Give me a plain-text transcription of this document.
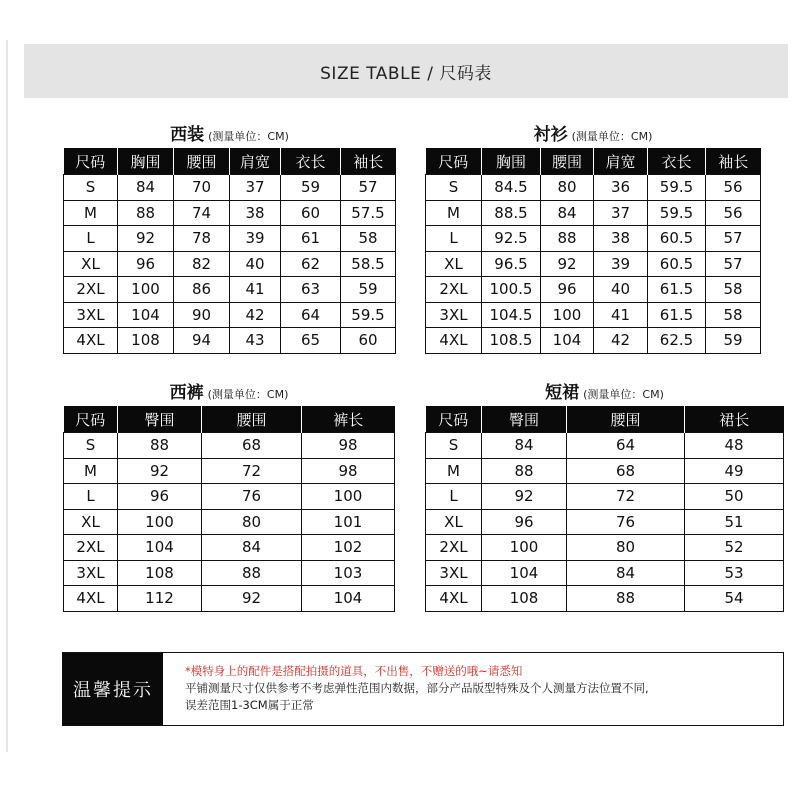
SIZE TABLE / 尺码表
西装 (测量单位：CM)
尺码	胸围	腰围	肩宽	衣长	袖长
S	84	70	37	59	57
M	88	74	38	60	57.5
L	92	78	39	61	58
XL	96	82	40	62	58.5
2XL	100	86	41	63	59
3XL	104	90	42	64	59.5
4XL	108	94	43	65	60
衬衫 (测量单位：CM)
尺码	胸围	腰围	肩宽	衣长	袖长
S	84.5	80	36	59.5	56
M	88.5	84	37	59.5	56
L	92.5	88	38	60.5	57
XL	96.5	92	39	60.5	57
2XL	100.5	96	40	61.5	58
3XL	104.5	100	41	61.5	58
4XL	108.5	104	42	62.5	59
西裤 (测量单位：CM)
尺码	臀围	腰围	裤长
S	88	68	98
M	92	72	98
L	96	76	100
XL	100	80	101
2XL	104	84	102
3XL	108	88	103
4XL	112	92	104
短裙 (测量单位：CM)
尺码	臀围	腰围	裙长
S	84	64	48
M	88	68	49
L	92	72	50
XL	96	76	51
2XL	100	80	52
3XL	104	84	53
4XL	108	88	54
温馨提示
*模特身上的配件是搭配拍摄的道具，不出售，不赠送的哦~请悉知
平铺测量尺寸仅供参考不考虑弹性范围内数据，部分产品版型特殊及个人测量方法位置不同,
误差范围1-3CM属于正常
